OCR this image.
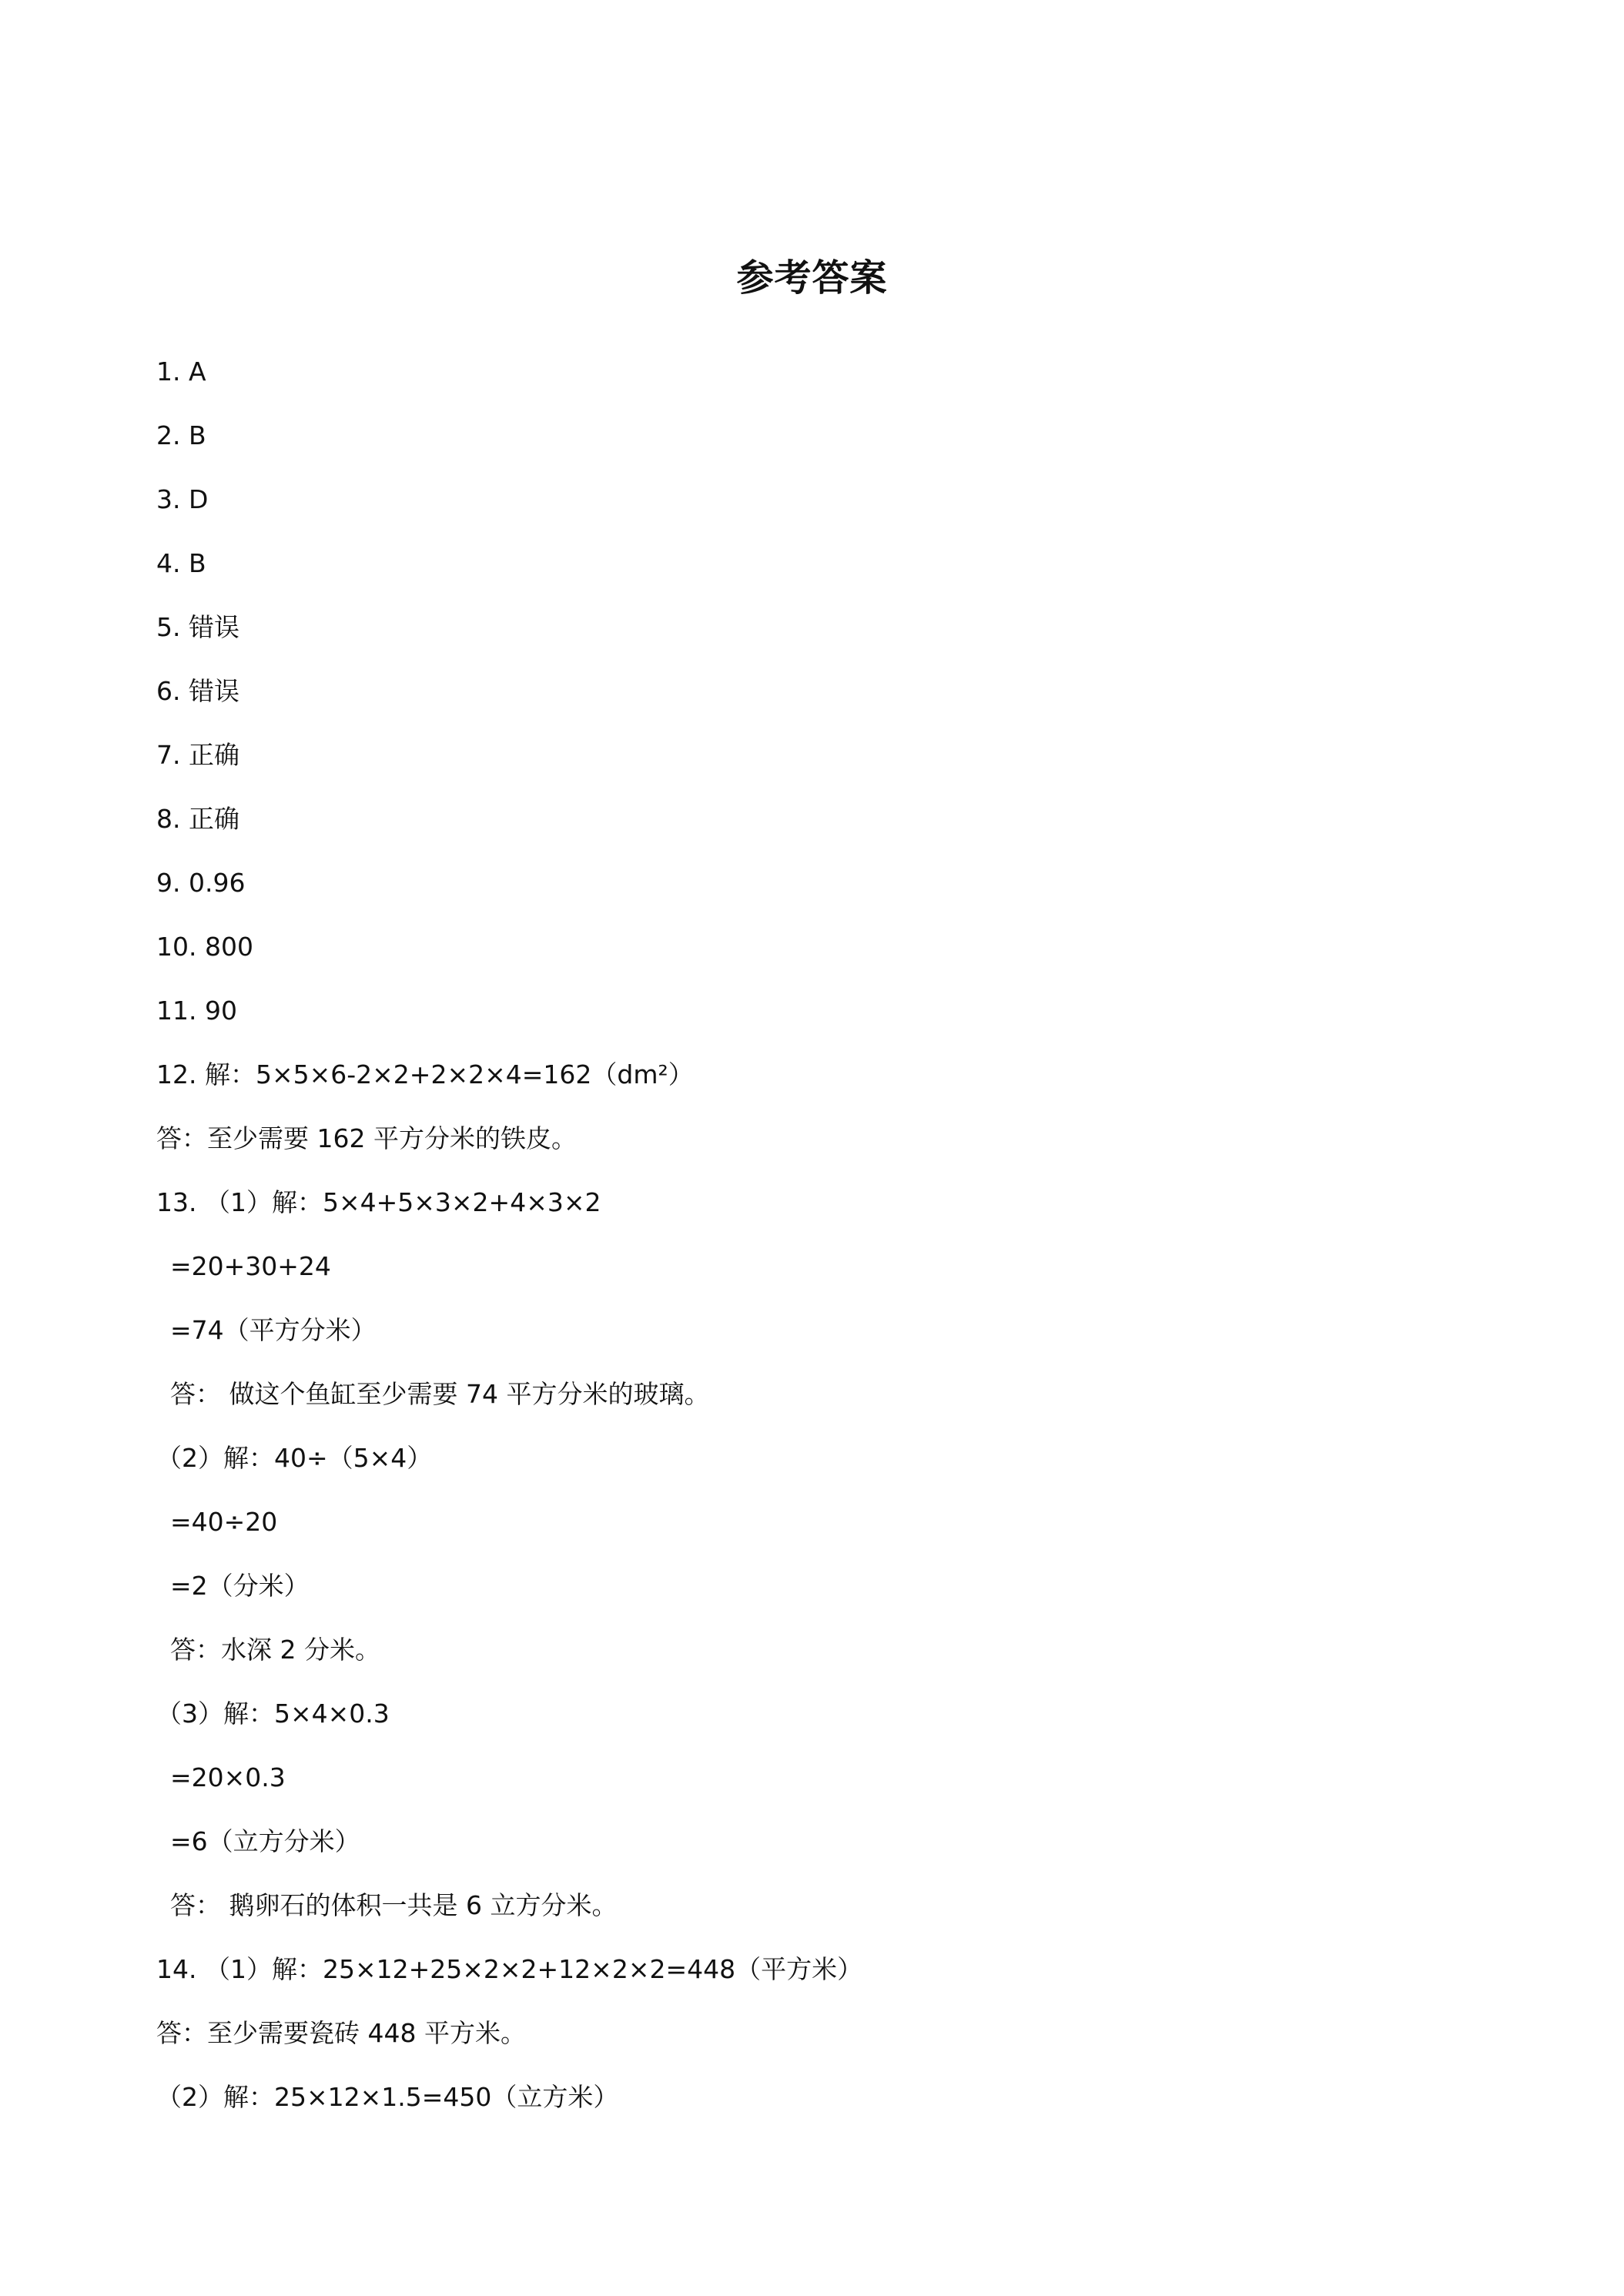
参考答案
1. A
2. B
3. D
4. B
5. 错误
6. 错误
7. 正确
8. 正确
9. 0.96
10. 800
11. 90
12. 解：5×5×6-2×2+2×2×4=162（dm²）
答：至少需要 162 平方分米的铁皮。
13. （1）解：5×4+5×3×2+4×3×2
=20+30+24
=74（平方分米）
答： 做这个鱼缸至少需要 74 平方分米的玻璃。
（2）解：40÷（5×4）
=40÷20
=2（分米）
答：水深 2 分米。
（3）解：5×4×0.3
=20×0.3
=6（立方分米）
答： 鹅卵石的体积一共是 6 立方分米。
14. （1）解：25×12+25×2×2+12×2×2=448（平方米）
答：至少需要瓷砖 448 平方米。
（2）解：25×12×1.5=450（立方米）
